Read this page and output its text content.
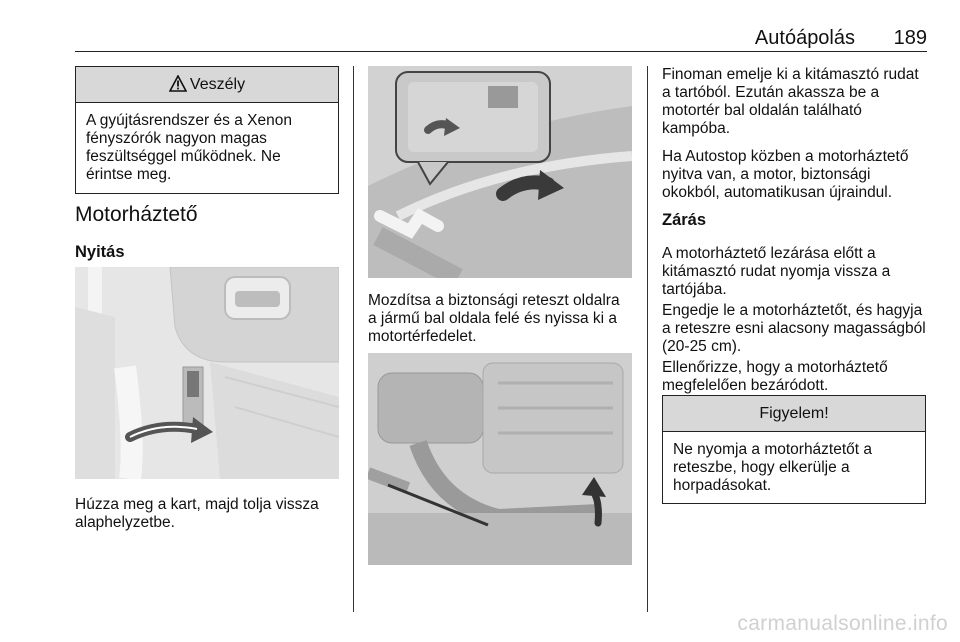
Autóápolás 189
Veszély
A gyújtásrendszer és a Xenon fényszórók nagyon magas feszültséggel működnek. Ne érintse meg.
Motorháztető
Nyitás
Húzza meg a kart, majd tolja vissza alaphelyzetbe.
Mozdítsa a biztonsági reteszt oldalra a jármű bal oldala felé és nyissa ki a motortérfedelet.
Finoman emelje ki a kitámasztó rudat a tartóból. Ezután akassza be a motortér bal oldalán található kampóba.
Ha Autostop közben a motorháztető nyitva van, a motor, biztonsági okokból, automatikusan újraindul.
Zárás
A motorháztető lezárása előtt a kitámasztó rudat nyomja vissza a tartójába.
Engedje le a motorháztetőt, és hagyja a reteszre esni alacsony magasságból (20-25 cm).
Ellenőrizze, hogy a motorháztető megfelelően bezáródott.
Figyelem!
Ne nyomja a motorháztetőt a reteszbe, hogy elkerülje a horpadásokat.
carmanualsonline.info
